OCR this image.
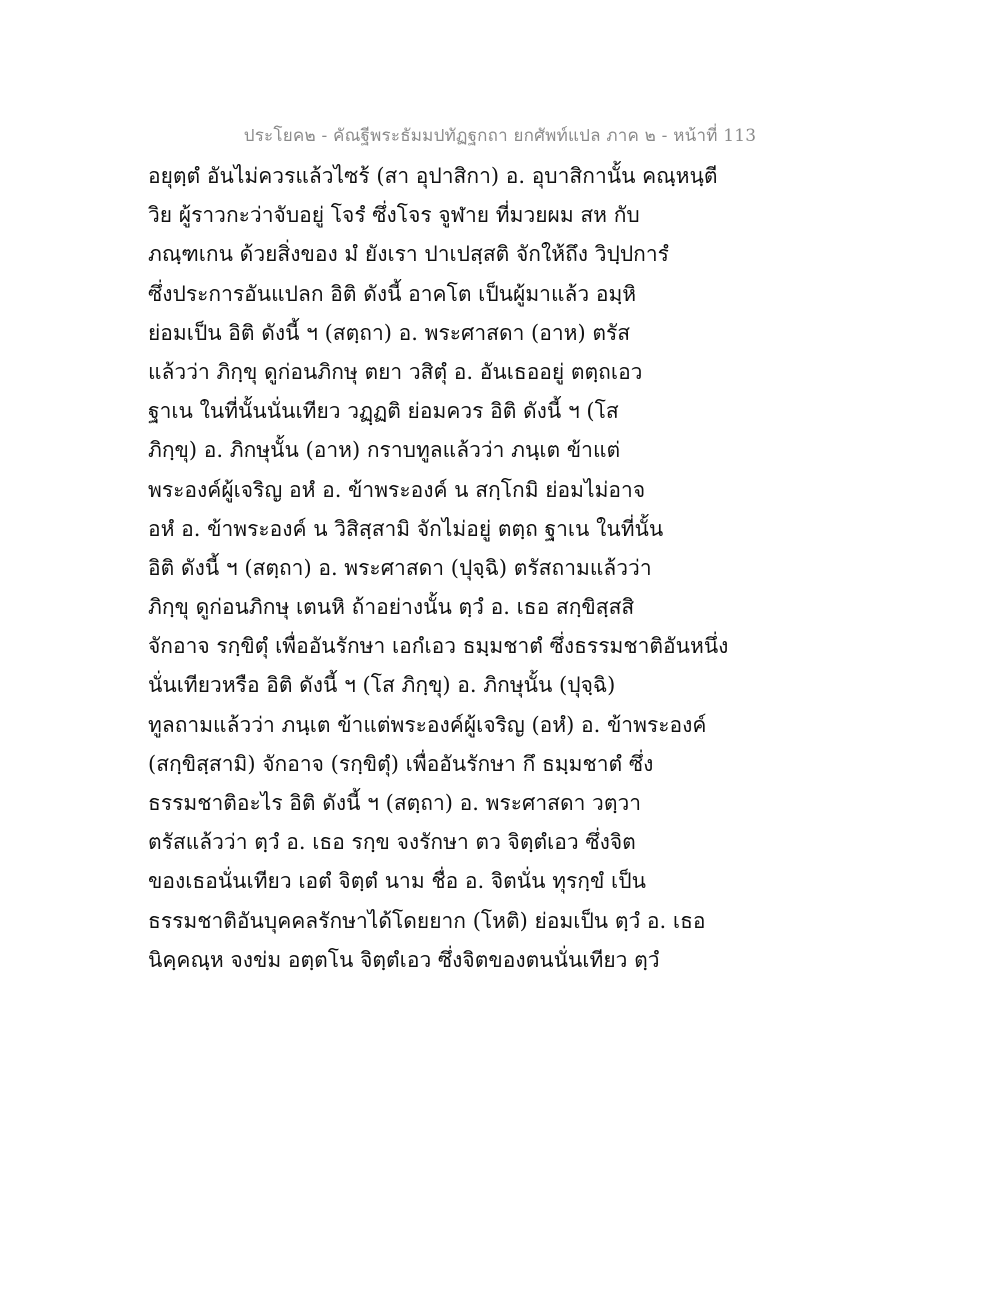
ประโยค๒ - คัณฐีพระธัมมปทัฏฐกถา ยกศัพท์แปล ภาค ๒ - หน้าที่ 113
อยุตฺตํ อันไม่ควรแล้วไซร้ (สา อุปาสิกา) อ. อุบาสิกานั้น คณฺหนฺตี
วิย ผู้ราวกะว่าจับอยู่ โจรํ ซึ่งโจร จูฬาย ที่มวยผม สห กับ
ภณฺฑเกน ด้วยสิ่งของ มํ ยังเรา ปาเปสฺสติ จักให้ถึง วิปฺปการํ
ซึ่งประการอันแปลก อิติ ดังนี้ อาคโต เป็นผู้มาแล้ว อมฺหิ
ย่อมเป็น อิติ ดังนี้ ฯ (สตฺถา) อ. พระศาสดา (อาห) ตรัส
แล้วว่า ภิกฺขุ ดูก่อนภิกษุ ตยา วสิตุํ อ. อันเธออยู่ ตตฺถเอว
ฐาเน ในที่นั้นนั่นเทียว วฏฺฏติ ย่อมควร อิติ ดังนี้ ฯ (โส
ภิกฺขุ) อ. ภิกษุนั้น (อาห) กราบทูลแล้วว่า ภนฺเต ข้าแต่
พระองค์ผู้เจริญ อหํ อ. ข้าพระองค์ น สกฺโกมิ ย่อมไม่อาจ
อหํ อ. ข้าพระองค์ น วิสิสฺสามิ จักไม่อยู่ ตตฺถ ฐาเน ในที่นั้น
อิติ ดังนี้ ฯ (สตฺถา) อ. พระศาสดา (ปุจฺฉิ) ตรัสถามแล้วว่า
ภิกฺขุ ดูก่อนภิกษุ เตนหิ ถ้าอย่างนั้น ตฺวํ อ. เธอ สกฺขิสฺสสิ
จักอาจ รกฺขิตุํ เพื่ออันรักษา เอกํเอว ธมฺมชาตํ ซึ่งธรรมชาติอันหนึ่ง
นั่นเทียวหรือ อิติ ดังนี้ ฯ (โส ภิกฺขุ) อ. ภิกษุนั้น (ปุจฺฉิ)
ทูลถามแล้วว่า ภนฺเต ข้าแต่พระองค์ผู้เจริญ (อหํ) อ. ข้าพระองค์
(สกฺขิสฺสามิ) จักอาจ (รกฺขิตุํ) เพื่ออันรักษา กึ ธมฺมชาตํ ซึ่ง
ธรรมชาติอะไร อิติ ดังนี้ ฯ (สตฺถา) อ. พระศาสดา วตฺวา
ตรัสแล้วว่า ตฺวํ อ. เธอ รกฺข จงรักษา ตว จิตฺตํเอว ซึ่งจิต
ของเธอนั่นเทียว เอตํ จิตฺตํ นาม ชื่อ อ. จิตนั่น ทุรกฺขํ เป็น
ธรรมชาติอันบุคคลรักษาได้โดยยาก (โหติ) ย่อมเป็น ตฺวํ อ. เธอ
นิคฺคณฺห จงข่ม อตฺตโน จิตฺตํเอว ซึ่งจิตของตนนั่นเทียว ตฺวํ
